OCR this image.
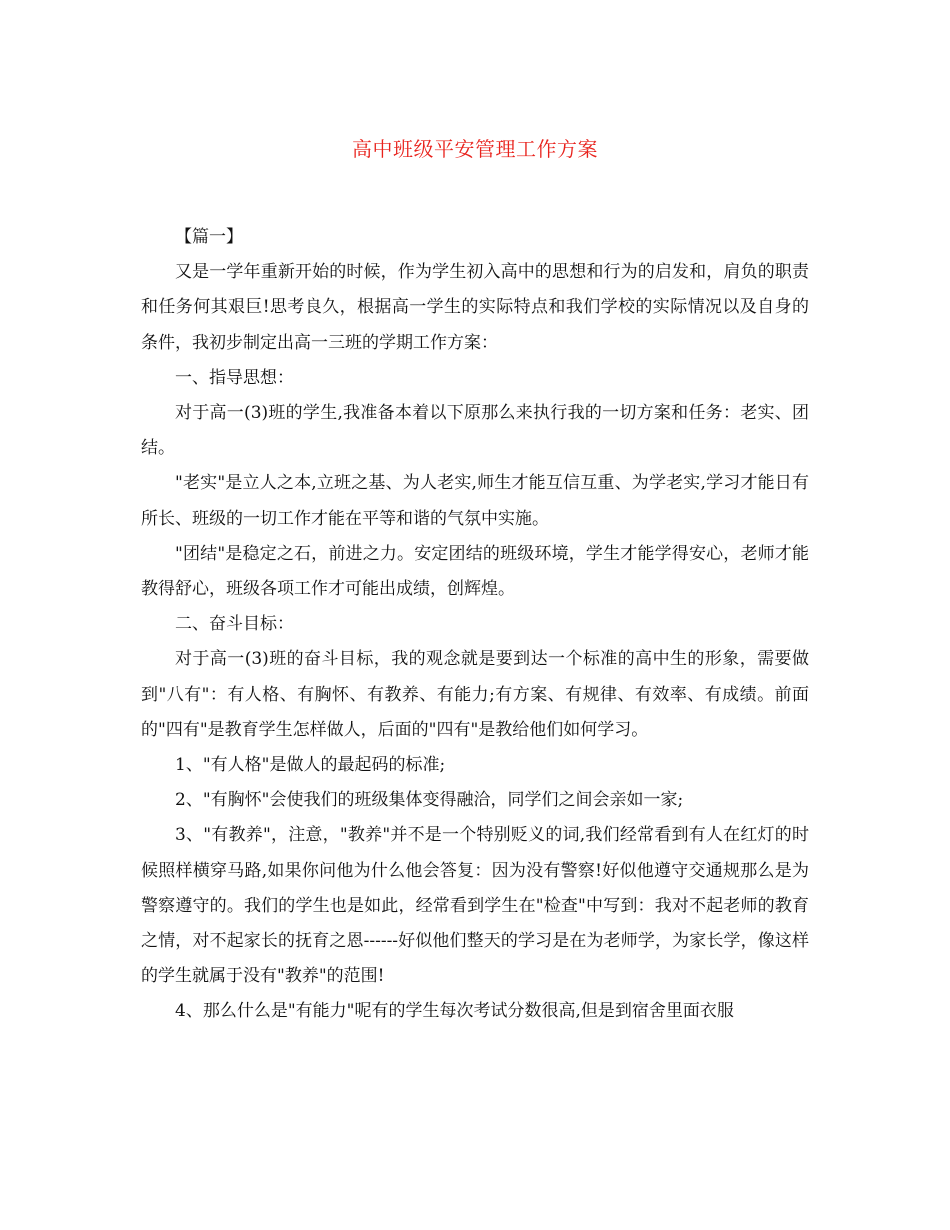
高中班级平安管理工作方案

【篇一】

又是一学年重新开始的时候，作为学生初入高中的思想和行为的启发和，肩负的职责和任务何其艰巨!思考良久，根据高一学生的实际特点和我们学校的实际情况以及自身的条件，我初步制定出高一三班的学期工作方案：

一、指导思想：

对于高一(3)班的学生,我准备本着以下原那么来执行我的一切方案和任务：老实、团结。

"老实"是立人之本,立班之基、为人老实,师生才能互信互重、为学老实,学习才能日有所长、班级的一切工作才能在平等和谐的气氛中实施。

"团结"是稳定之石，前进之力。安定团结的班级环境，学生才能学得安心，老师才能教得舒心，班级各项工作才可能出成绩，创辉煌。

二、奋斗目标：

对于高一(3)班的奋斗目标，我的观念就是要到达一个标准的高中生的形象，需要做到"八有"：有人格、有胸怀、有教养、有能力;有方案、有规律、有效率、有成绩。前面的"四有"是教育学生怎样做人，后面的"四有"是教给他们如何学习。

1、"有人格"是做人的最起码的标准;

2、"有胸怀"会使我们的班级集体变得融洽，同学们之间会亲如一家;

3、"有教养"，注意，"教养"并不是一个特别贬义的词,我们经常看到有人在红灯的时候照样横穿马路,如果你问他为什么他会答复：因为没有警察!好似他遵守交通规那么是为警察遵守的。我们的学生也是如此，经常看到学生在"检查"中写到：我对不起老师的教育之情，对不起家长的抚育之恩------好似他们整天的学习是在为老师学，为家长学，像这样的学生就属于没有"教养"的范围!

4、那么什么是"有能力"呢有的学生每次考试分数很高,但是到宿舍里面衣服
